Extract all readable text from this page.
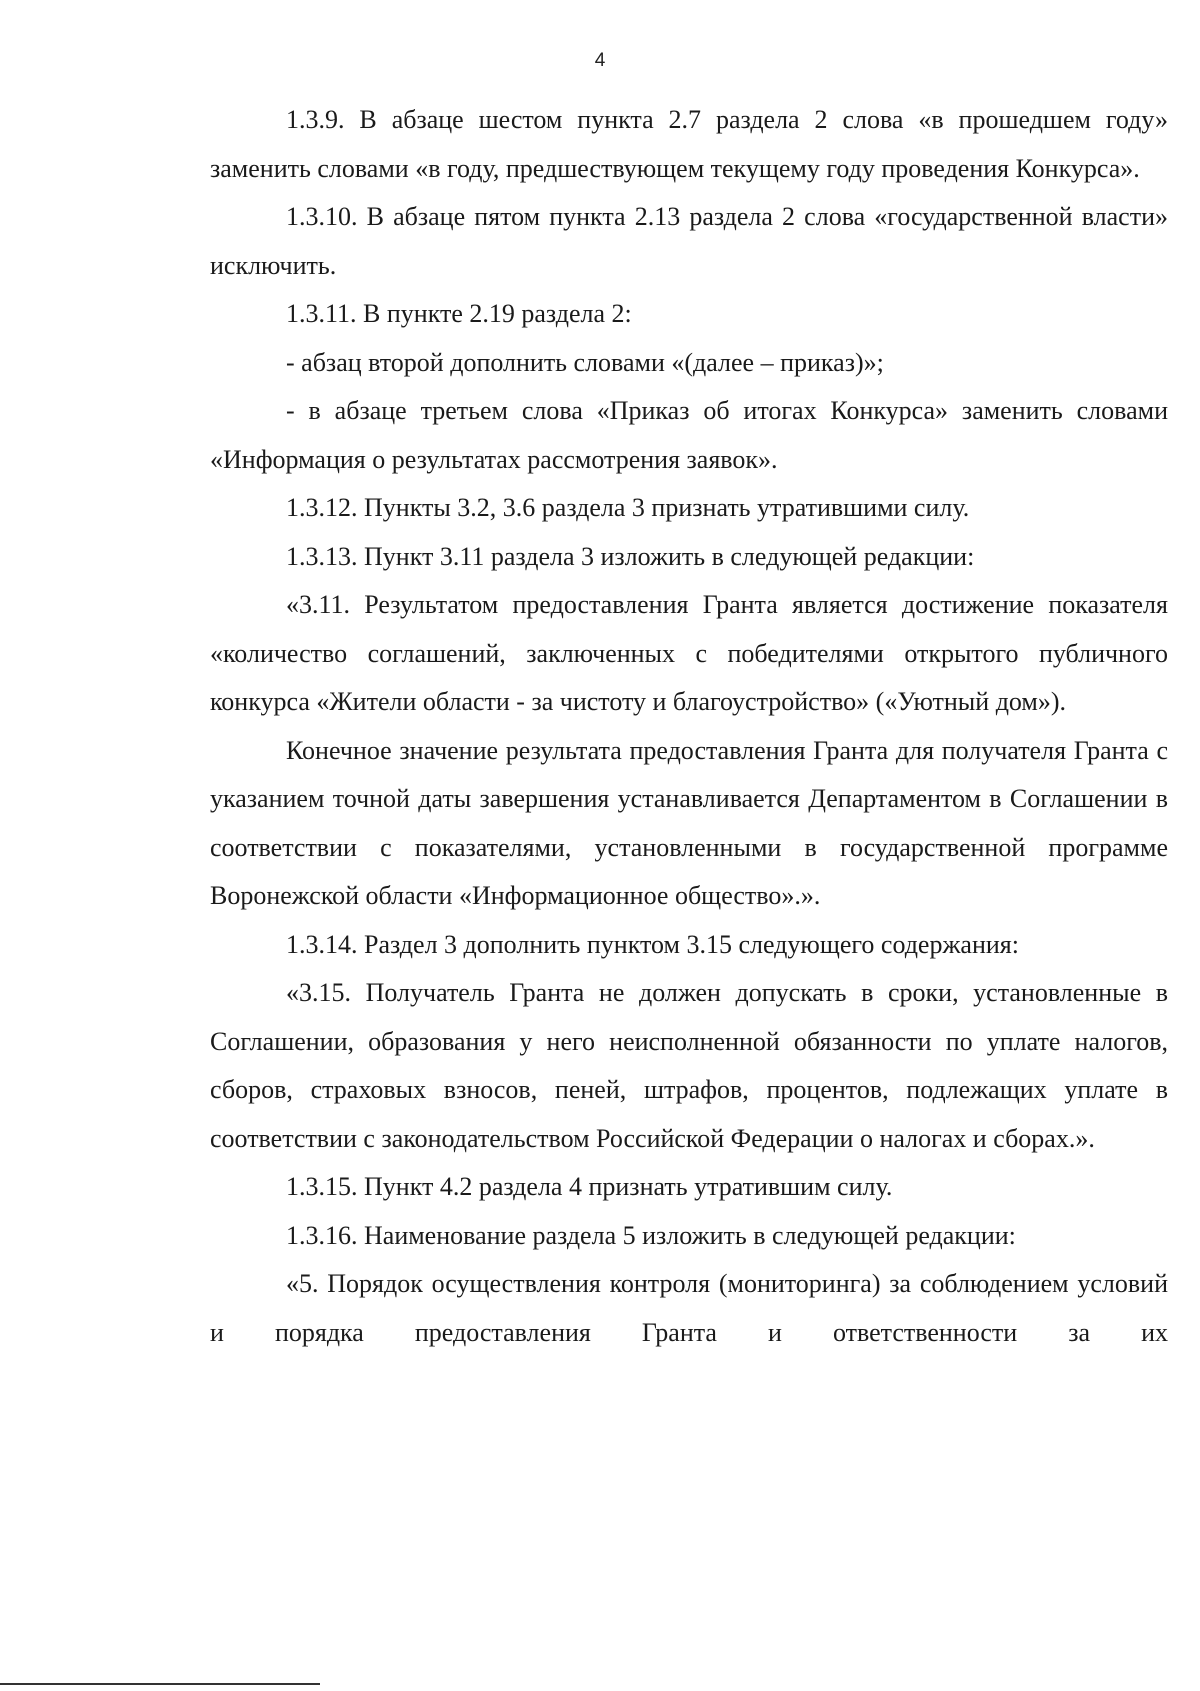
4

1.3.9. В абзаце шестом пункта 2.7 раздела 2 слова «в прошедшем году» заменить словами «в году, предшествующем текущему году проведения Конкурса».

1.3.10. В абзаце пятом пункта 2.13 раздела 2 слова «государственной власти» исключить.

1.3.11. В пункте 2.19 раздела 2:

- абзац второй дополнить словами «(далее – приказ)»;

- в абзаце третьем слова «Приказ об итогах Конкурса» заменить словами «Информация о результатах рассмотрения заявок».

1.3.12. Пункты 3.2, 3.6 раздела 3 признать утратившими силу.

1.3.13. Пункт 3.11 раздела 3 изложить в следующей редакции:

«3.11. Результатом предоставления Гранта является достижение показателя «количество соглашений, заключенных с победителями открытого публичного конкурса «Жители области - за чистоту и благоустройство» («Уютный дом»).

Конечное значение результата предоставления Гранта для получателя Гранта с указанием точной даты завершения устанавливается Департаментом в Соглашении в соответствии с показателями, установленными в государственной программе Воронежской области «Информационное общество».».

1.3.14. Раздел 3 дополнить пунктом 3.15 следующего содержания:

«3.15. Получатель Гранта не должен допускать в сроки, установленные в Соглашении, образования у него неисполненной обязанности по уплате налогов, сборов, страховых взносов, пеней, штрафов, процентов, подлежащих уплате в соответствии с законодательством Российской Федерации о налогах и сборах.».

1.3.15. Пункт 4.2 раздела 4 признать утратившим силу.

1.3.16. Наименование раздела 5 изложить в следующей редакции:

«5. Порядок осуществления контроля (мониторинга) за соблюдением условий и порядка предоставления Гранта и ответственности за их
